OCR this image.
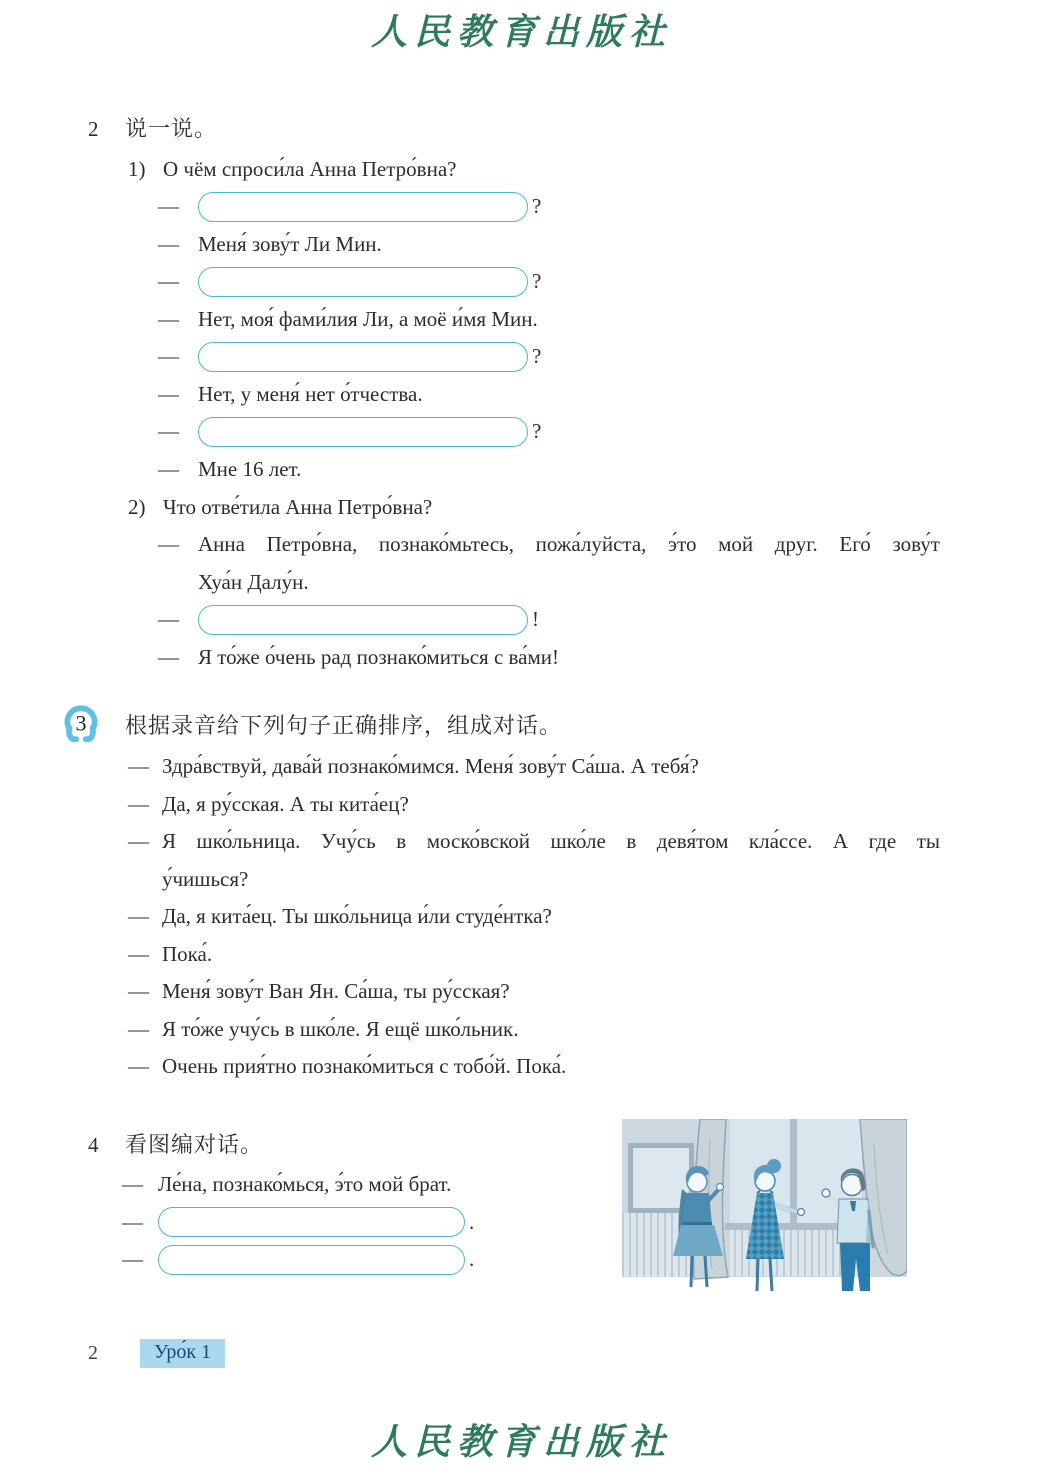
人民教育出版社
2	说一说。
1) О чём спроси́ла Анна Петро́вна?
—	?
— Меня́ зову́т Ли Мин.
—	?
— Нет, моя́ фами́лия Ли, а моё и́мя Мин.
—	?
— Нет, у меня́ нет о́тчества.
—	?
— Мне 16 лет.
2) Что отве́тила Анна Петро́вна?
— Анна Петро́вна, познако́мьтесь, пожа́луйста, э́то мой друг. Его́ зову́т
Хуа́н Далу́н.
—	!
— Я то́же о́чень рад познако́миться с ва́ми!
3 根据录音给下列句子正确排序，组成对话。
— Здра́вствуй, дава́й познако́мимся. Меня́ зову́т Са́ша. А тебя́?
— Да, я ру́сская. А ты кита́ец?
— Я шко́льница. Учу́сь в моско́вской шко́ле в девя́том кла́ссе. А где ты
у́чишься?
— Да, я кита́ец. Ты шко́льница и́ли студе́нтка?
— Пока́.
— Меня́ зову́т Ван Ян. Са́ша, ты ру́сская?
— Я то́же учу́сь в шко́ле. Я ещё шко́льник.
— Очень прия́тно познако́миться с тобо́й. Пока́.
4	看图编对话。
— Ле́на, познако́мься, э́то мой брат.
—	.
—	.
2	Уро́к 1
人民教育出版社
